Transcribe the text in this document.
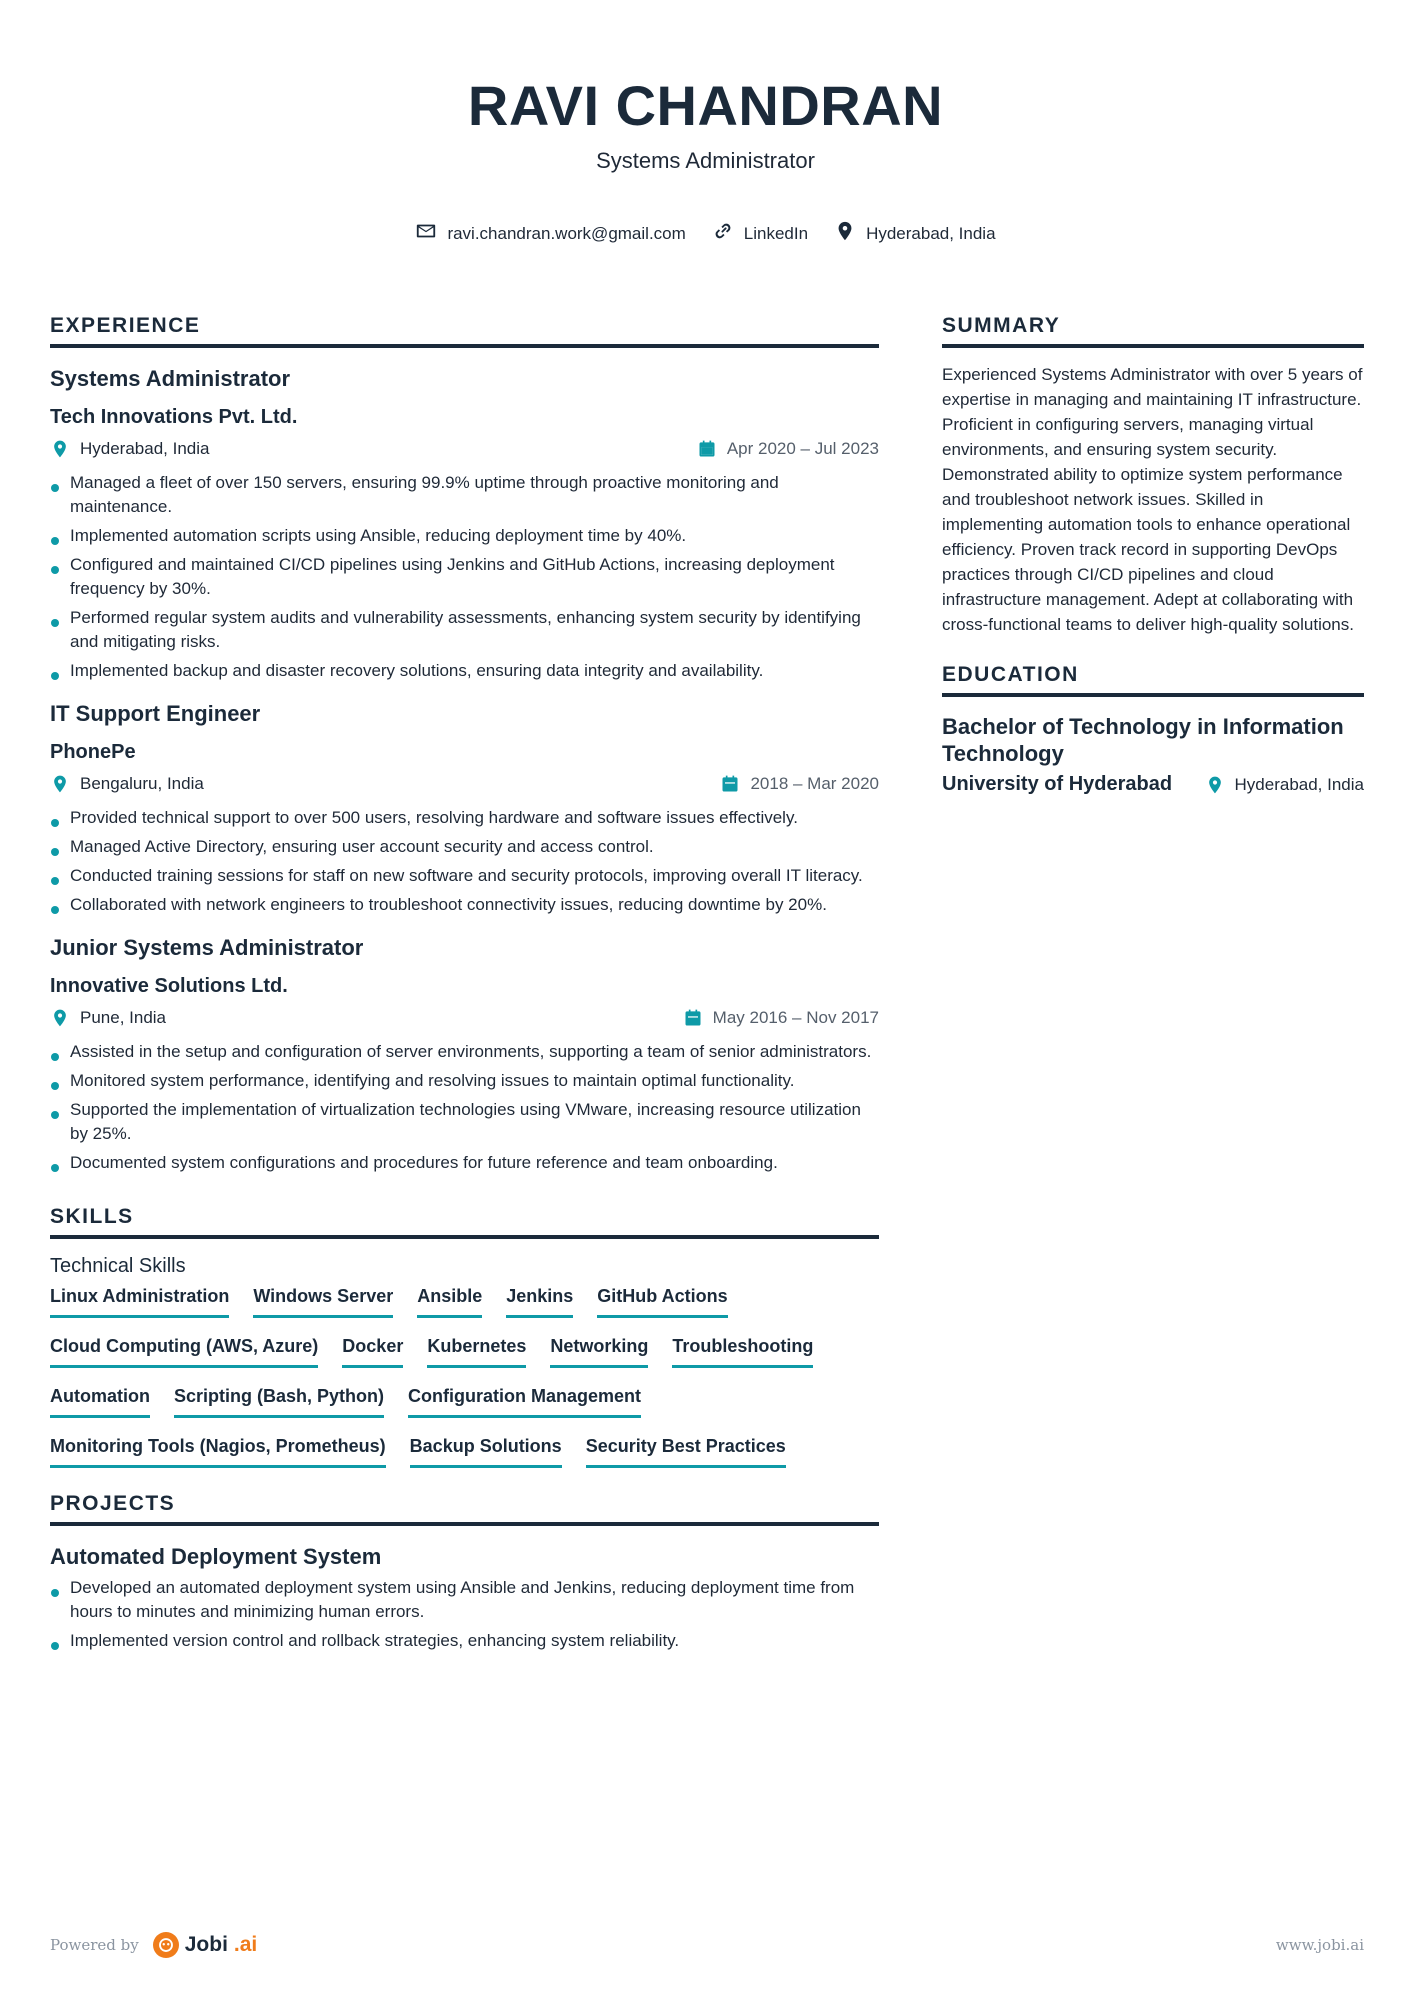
RAVI CHANDRAN
Systems Administrator
ravi.chandran.work@gmail.com	LinkedIn	Hyderabad, India
EXPERIENCE
Systems Administrator
Tech Innovations Pvt. Ltd.
Hyderabad, India	Apr 2020 – Jul 2023
Managed a fleet of over 150 servers, ensuring 99.9% uptime through proactive monitoring and maintenance.
Implemented automation scripts using Ansible, reducing deployment time by 40%.
Configured and maintained CI/CD pipelines using Jenkins and GitHub Actions, increasing deployment frequency by 30%.
Performed regular system audits and vulnerability assessments, enhancing system security by identifying and mitigating risks.
Implemented backup and disaster recovery solutions, ensuring data integrity and availability.
IT Support Engineer
PhonePe
Bengaluru, India	2018 – Mar 2020
Provided technical support to over 500 users, resolving hardware and software issues effectively.
Managed Active Directory, ensuring user account security and access control.
Conducted training sessions for staff on new software and security protocols, improving overall IT literacy.
Collaborated with network engineers to troubleshoot connectivity issues, reducing downtime by 20%.
Junior Systems Administrator
Innovative Solutions Ltd.
Pune, India	May 2016 – Nov 2017
Assisted in the setup and configuration of server environments, supporting a team of senior administrators.
Monitored system performance, identifying and resolving issues to maintain optimal functionality.
Supported the implementation of virtualization technologies using VMware, increasing resource utilization by 25%.
Documented system configurations and procedures for future reference and team onboarding.
SKILLS
Technical Skills
Linux Administration Windows Server Ansible Jenkins GitHub Actions
Cloud Computing (AWS, Azure) Docker Kubernetes Networking Troubleshooting
Automation Scripting (Bash, Python) Configuration Management
Monitoring Tools (Nagios, Prometheus) Backup Solutions Security Best Practices
PROJECTS
Automated Deployment System
Developed an automated deployment system using Ansible and Jenkins, reducing deployment time from hours to minutes and minimizing human errors.
Implemented version control and rollback strategies, enhancing system reliability.
SUMMARY
Experienced Systems Administrator with over 5 years of expertise in managing and maintaining IT infrastructure. Proficient in configuring servers, managing virtual environments, and ensuring system security. Demonstrated ability to optimize system performance and troubleshoot network issues. Skilled in implementing automation tools to enhance operational efficiency. Proven track record in supporting DevOps practices through CI/CD pipelines and cloud infrastructure management. Adept at collaborating with cross-functional teams to deliver high-quality solutions.
EDUCATION
Bachelor of Technology in Information Technology
University of Hyderabad	Hyderabad, India
Powered by Jobi .ai	www.jobi.ai
